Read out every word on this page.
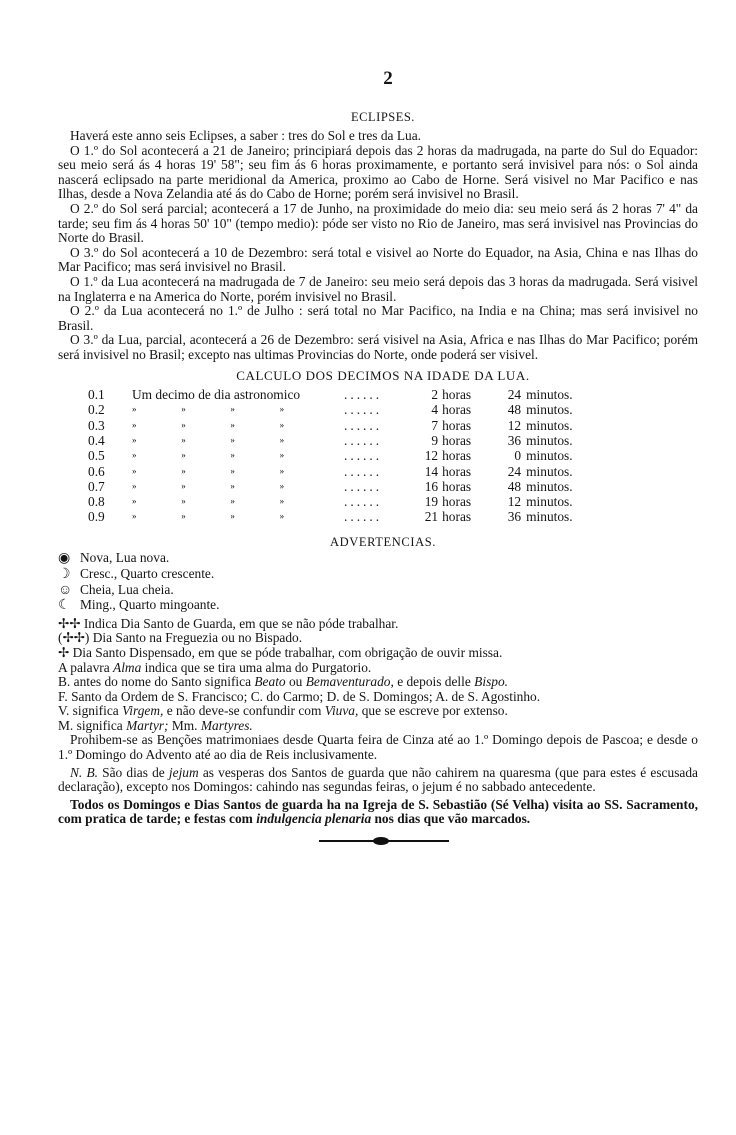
2
ECLIPSES.

Haverá este anno seis Eclipses, a saber : tres do Sol e tres da Lua.

O 1.º do Sol acontecerá a 21 de Janeiro; principiará depois das 2 horas da madrugada, na parte do Sul do Equador: seu meio será ás 4 horas 19' 58"; seu fim ás 6 horas proximamente, e portanto será invisivel para nós: o Sol ainda nascerá eclipsado na parte meridional da America, proximo ao Cabo de Horne. Será visivel no Mar Pacifico e nas Ilhas, desde a Nova Zelandia até ás do Cabo de Horne; porém será invisivel no Brasil.

O 2.º do Sol será parcial; acontecerá a 17 de Junho, na proximidade do meio dia: seu meio será ás 2 horas 7' 4" da tarde; seu fim ás 4 horas 50' 10" (tempo medio): póde ser visto no Rio de Janeiro, mas será invisivel nas Provincias do Norte do Brasil.

O 3.º do Sol acontecerá a 10 de Dezembro: será total e visivel ao Norte do Equador, na Asia, China e nas Ilhas do Mar Pacifico; mas será invisivel no Brasil.

O 1.º da Lua acontecerá na madrugada de 7 de Janeiro: seu meio será depois das 3 horas da madrugada. Será visivel na Inglaterra e na America do Norte, porém invisivel no Brasil.

O 2.º da Lua acontecerá no 1.º de Julho : será total no Mar Pacifico, na India e na China; mas será invisivel no Brasil.

O 3.º da Lua, parcial, acontecerá a 26 de Dezembro: será visivel na Asia, Africa e nas Ilhas do Mar Pacifico; porém será invisivel no Brasil; excepto nas ultimas Provincias do Norte, onde poderá ser visivel.

CALCULO DOS DECIMOS NA IDADE DA LUA.
0.1	Um decimo de dia astronomico				......	2	horas	24	minutos.
0.2	»	»	»	»	......	4	horas	48	minutos.
0.3	»	»	»	»	......	7	horas	12	minutos.
0.4	»	»	»	»	......	9	horas	36	minutos.
0.5	»	»	»	»	......	12	horas	0	minutos.
0.6	»	»	»	»	......	14	horas	24	minutos.
0.7	»	»	»	»	......	16	horas	48	minutos.
0.8	»	»	»	»	......	19	horas	12	minutos.
0.9	»	»	»	»	......	21	horas	36	minutos.
ADVERTENCIAS.
◉ Nova, Lua nova.
☽ Cresc., Quarto crescente.
☺ Cheia, Lua cheia.
☾ Ming., Quarto mingoante.

✢✢ Indica Dia Santo de Guarda, em que se não póde trabalhar.

(✢✢) Dia Santo na Freguezia ou no Bispado.

✢ Dia Santo Dispensado, em que se póde trabalhar, com obrigação de ouvir missa.

A palavra Alma indica que se tira uma alma do Purgatorio.

B. antes do nome do Santo significa Beato ou Bemaventurado, e depois delle Bispo.

F. Santo da Ordem de S. Francisco; C. do Carmo; D. de S. Domingos; A. de S. Agostinho.

V. significa Virgem, e não deve-se confundir com Viuva, que se escreve por extenso.

M. significa Martyr; Mm. Martyres.

Prohibem-se as Benções matrimoniaes desde Quarta feira de Cinza até ao 1.º Domingo depois de Pascoa; e desde o 1.º Domingo do Advento até ao dia de Reis inclusivamente.

N. B. São dias de jejum as vesperas dos Santos de guarda que não cahirem na quaresma (que para estes é escusada declaração), excepto nos Domingos: cahindo nas segundas feiras, o jejum é no sabbado antecedente.

Todos os Domingos e Dias Santos de guarda ha na Igreja de S. Sebastião (Sé Velha) visita ao SS. Sacramento, com pratica de tarde; e festas com indulgencia plenaria nos dias que vão marcados.
